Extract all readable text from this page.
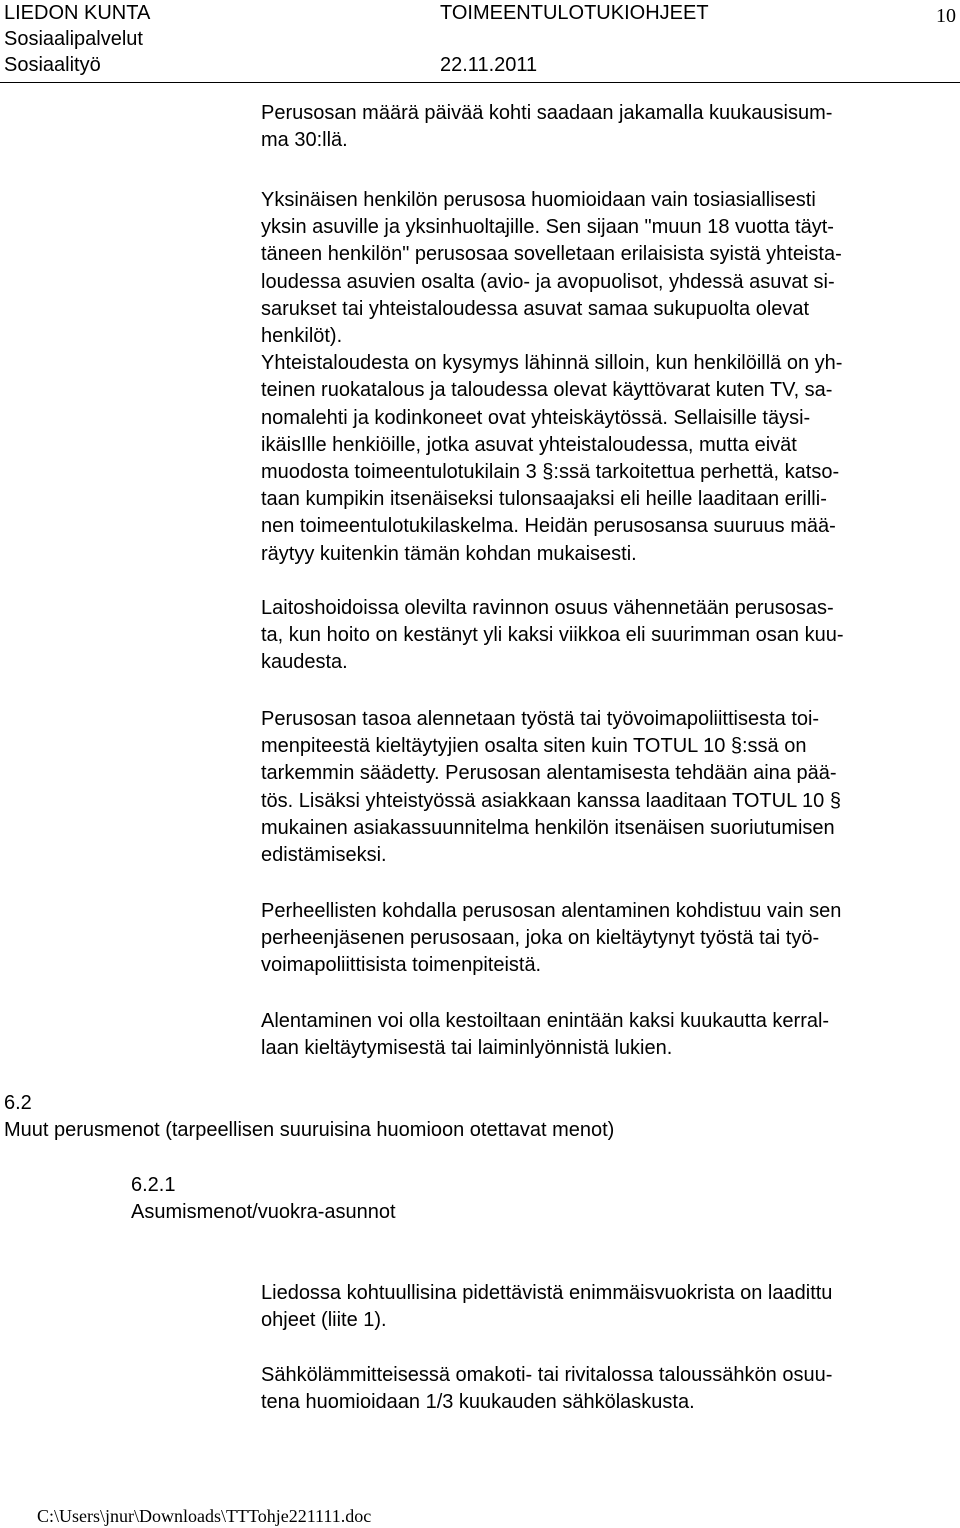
LIEDON KUNTA
Sosiaalipalvelut
Sosiaalityö
TOIMEENTULOTUKIOHJEET

22.11.2011
10

Perusosan määrä päivää kohti saadaan jakamalla kuukausisum-

ma 30:llä.

Yksinäisen henkilön perusosa huomioidaan vain tosiasiallisesti

yksin asuville ja yksinhuoltajille. Sen sijaan "muun 18 vuotta täyt-

täneen henkilön" perusosaa sovelletaan erilaisista syistä yhteista-

loudessa asuvien osalta (avio- ja avopuolisot, yhdessä asuvat si-

sarukset tai yhteistaloudessa asuvat samaa sukupuolta olevat

henkilöt).

Yhteistaloudesta on kysymys lähinnä silloin, kun henkilöillä on yh-

teinen ruokatalous ja taloudessa olevat käyttövarat kuten TV, sa-

nomalehti ja kodinkoneet ovat yhteiskäytössä. Sellaisille täysi-

ikäisIlle henkiöille, jotka asuvat yhteistaloudessa, mutta eivät

muodosta toimeentulotukilain 3 §:ssä tarkoitettua perhettä, katso-

taan kumpikin itsenäiseksi tulonsaajaksi eli heille laaditaan erilli-

nen toimeentulotukilaskelma. Heidän perusosansa suuruus mää-

räytyy kuitenkin tämän kohdan mukaisesti.

Laitoshoidoissa olevilta ravinnon osuus vähennetään perusosas-

ta, kun hoito on kestänyt yli kaksi viikkoa eli suurimman osan kuu-

kaudesta.

Perusosan tasoa alennetaan työstä tai työvoimapoliittisesta toi-

menpiteestä kieltäytyjien osalta siten kuin TOTUL 10 §:ssä on

tarkemmin säädetty. Perusosan alentamisesta tehdään aina pää-

tös. Lisäksi yhteistyössä asiakkaan kanssa laaditaan TOTUL 10 §

mukainen asiakassuunnitelma henkilön itsenäisen suoriutumisen

edistämiseksi.

Perheellisten kohdalla perusosan alentaminen kohdistuu vain sen

perheenjäsenen perusosaan, joka on kieltäytynyt työstä tai työ-

voimapoliittisista toimenpiteistä.

Alentaminen voi olla kestoiltaan enintään kaksi kuukautta kerral-

laan kieltäytymisestä tai laiminlyönnistä lukien.

6.2

Muut perusmenot (tarpeellisen suuruisina huomioon otettavat menot)

6.2.1

Asumismenot/vuokra-asunnot

Liedossa kohtuullisina pidettävistä enimmäisvuokrista on laadittu

ohjeet (liite 1).

Sähkölämmitteisessä omakoti- tai rivitalossa taloussähkön osuu-

tena huomioidaan 1/3 kuukauden sähkölaskusta.

C:\Users\jnur\Downloads\TTTohje221111.doc
